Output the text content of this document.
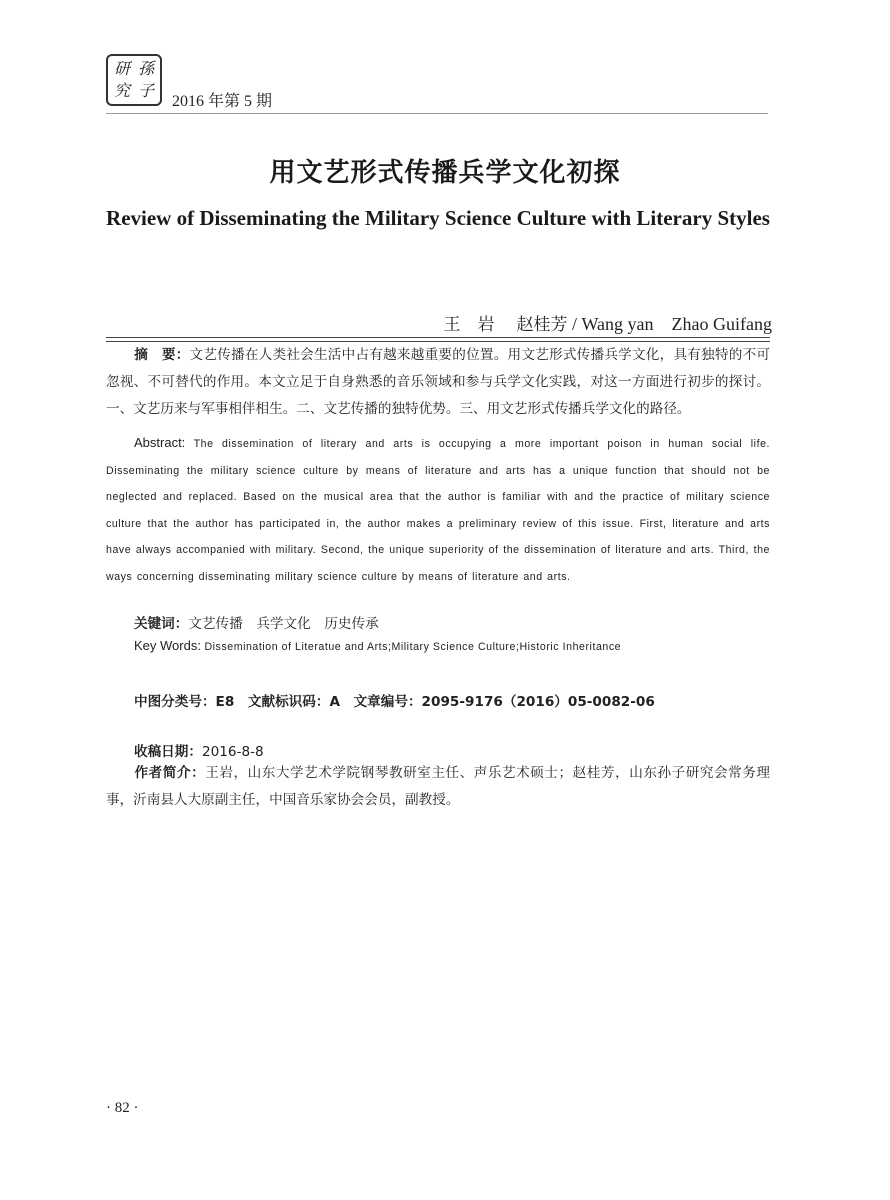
研 孫
究 子
2016 年第 5 期
用文艺形式传播兵学文化初探
Review of Disseminating the Military Science Culture with Literary Styles
王　岩 赵桂芳 / Wang yan　Zhao Guifang
摘　要：文艺传播在人类社会生活中占有越来越重要的位置。用文艺形式传播兵学文化，具有独特的不可忽视、不可替代的作用。本文立足于自身熟悉的音乐领域和参与兵学文化实践，对这一方面进行初步的探讨。一、文艺历来与军事相伴相生。二、文艺传播的独特优势。三、用文艺形式传播兵学文化的路径。
Abstract: The dissemination of literary and arts is occupying a more important poison in human social life. Disseminating the military science culture by means of literature and arts has a unique function that should not be neglected and replaced. Based on the musical area that the author is familiar with and the practice of military science culture that the author has participated in, the author makes a preliminary review of this issue. First, literature and arts have always accompanied with military. Second, the unique superiority of the dissemination of literature and arts. Third, the ways concerning disseminating military science culture by means of literature and arts.
关键词：文艺传播　兵学文化　历史传承
Key Words: Dissemination of Literatue and Arts;Military Science Culture;Historic Inheritance
中图分类号：E8　文献标识码：A　文章编号：2095-9176（2016）05-0082-06
收稿日期：2016-8-8
作者简介：王岩，山东大学艺术学院钢琴教研室主任、声乐艺术硕士；赵桂芳，山东孙子研究会常务理事，沂南县人大原副主任，中国音乐家协会会员，副教授。
· 82 ·
